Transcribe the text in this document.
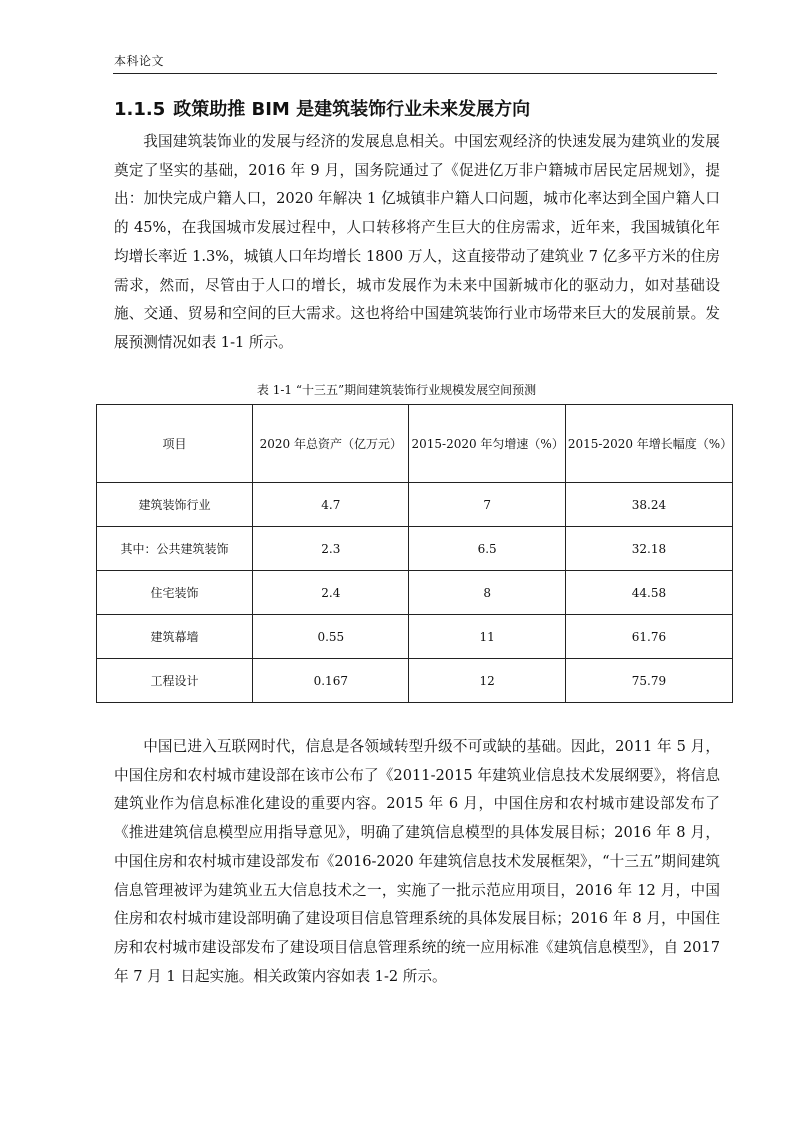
本科论文
1.1.5 政策助推 BIM 是建筑装饰行业未来发展方向

我国建筑装饰业的发展与经济的发展息息相关。中国宏观经济的快速发展为建筑业的发展奠定了坚实的基础，2016 年 9 月，国务院通过了《促进亿万非户籍城市居民定居规划》，提出：加快完成户籍人口，2020 年解决 1 亿城镇非户籍人口问题，城市化率达到全国户籍人口的 45%，在我国城市发展过程中，人口转移将产生巨大的住房需求，近年来，我国城镇化年均增长率近 1.3%，城镇人口年均增长 1800 万人，这直接带动了建筑业 7 亿多平方米的住房需求，然而，尽管由于人口的增长，城市发展作为未来中国新城市化的驱动力，如对基础设施、交通、贸易和空间的巨大需求。这也将给中国建筑装饰行业市场带来巨大的发展前景。发展预测情况如表 1-1 所示。

表 1-1 “十三五”期间建筑装饰行业规模发展空间预测
项目	2020 年总资产（亿万元）	2015-2020 年匀增速（%）	2015-2020 年增长幅度（%）
建筑装饰行业	4.7	7	38.24
其中：公共建筑装饰	2.3	6.5	32.18
住宅装饰	2.4	8	44.58
建筑幕墙	0.55	11	61.76
工程设计	0.167	12	75.79

中国已进入互联网时代，信息是各领域转型升级不可或缺的基础。因此，2011 年 5 月，中国住房和农村城市建设部在该市公布了《2011-2015 年建筑业信息技术发展纲要》，将信息建筑业作为信息标准化建设的重要内容。2015 年 6 月，中国住房和农村城市建设部发布了《推进建筑信息模型应用指导意见》，明确了建筑信息模型的具体发展目标；2016 年 8 月，中国住房和农村城市建设部发布《2016-2020 年建筑信息技术发展框架》，“十三五”期间建筑信息管理被评为建筑业五大信息技术之一，实施了一批示范应用项目，2016 年 12 月，中国住房和农村城市建设部明确了建设项目信息管理系统的具体发展目标；2016 年 8 月，中国住房和农村城市建设部发布了建设项目信息管理系统的统一应用标准《建筑信息模型》，自 2017 年 7 月 1 日起实施。相关政策内容如表 1-2 所示。
